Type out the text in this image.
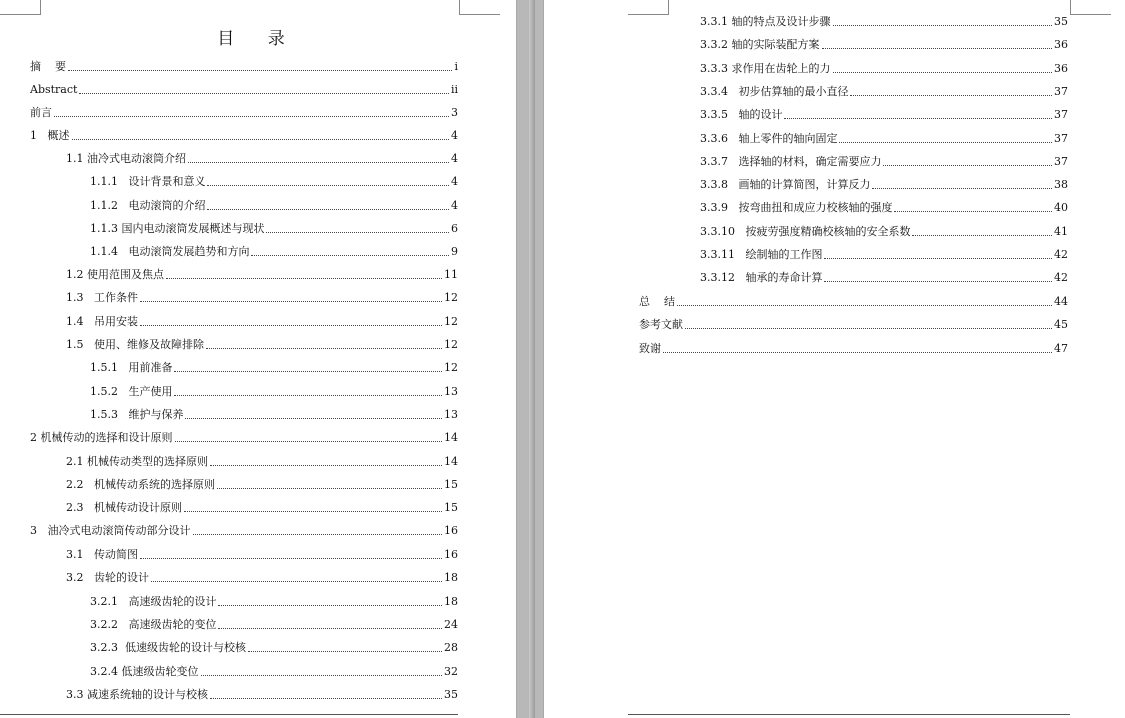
目 录
摘    要	i
Abstract	ii
前言	3
1   概述	4
1.1 油冷式电动滚筒介绍	4
1.1.1   设计背景和意义	4
1.1.2   电动滚筒的介绍	4
1.1.3 国内电动滚筒发展概述与现状	6
1.1.4   电动滚筒发展趋势和方向	9
1.2 使用范围及焦点	11
1.3   工作条件	12
1.4   吊用安装	12
1.5   使用、维修及故障排除	12
1.5.1   用前准备	12
1.5.2   生产使用	13
1.5.3   维护与保养	13
2 机械传动的选择和设计原则	14
2.1 机械传动类型的选择原则	14
2.2   机械传动系统的选择原则	15
2.3   机械传动设计原则	15
3   油冷式电动滚筒传动部分设计	16
3.1   传动简图	16
3.2   齿轮的设计	18
3.2.1   高速级齿轮的设计	18
3.2.2   高速级齿轮的变位	24
3.2.3  低速级齿轮的设计与校核	28
3.2.4 低速级齿轮变位	32
3.3 减速系统轴的设计与校核	35
3.3.1 轴的特点及设计步骤	35
3.3.2 轴的实际装配方案	36
3.3.3 求作用在齿轮上的力	36
3.3.4   初步估算轴的最小直径	37
3.3.5   轴的设计	37
3.3.6   轴上零件的轴向固定	37
3.3.7   选择轴的材料，确定需要应力	37
3.3.8   画轴的计算简图，计算反力	38
3.3.9   按弯曲扭和成应力校核轴的强度	40
3.3.10   按疲劳强度精确校核轴的安全系数	41
3.3.11   绘制轴的工作图	42
3.3.12   轴承的寿命计算	42
总    结	44
参考文献	45
致谢	47
